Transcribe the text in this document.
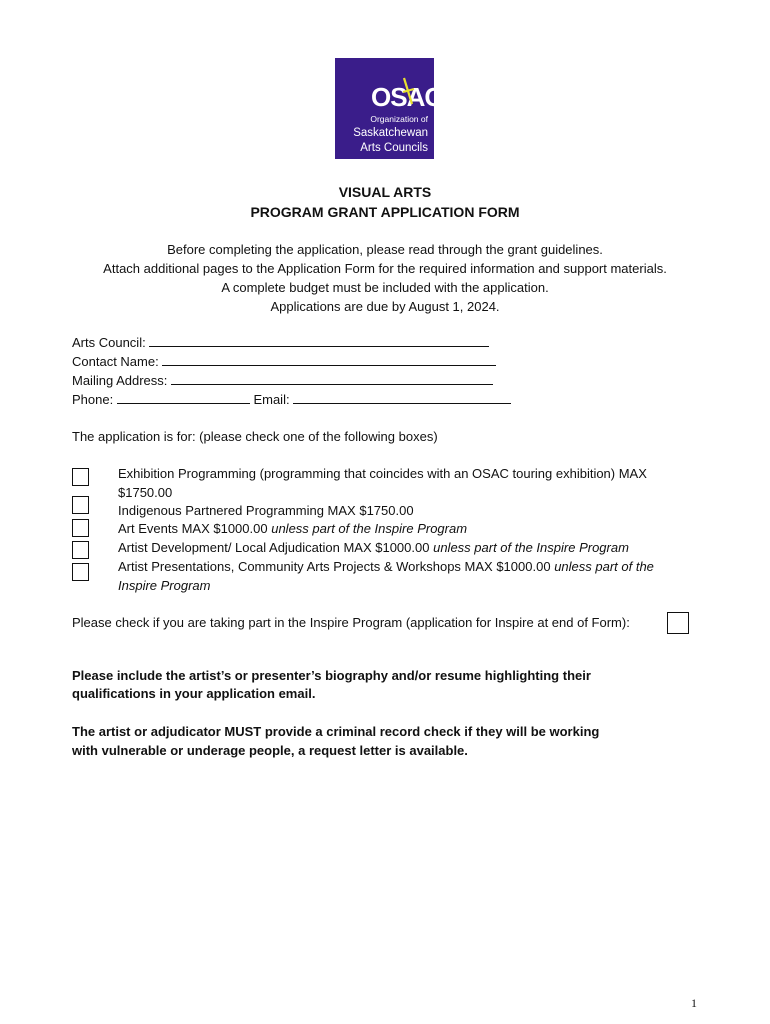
OSAC
Organization of
Saskatchewan
Arts Councils
VISUAL ARTS
PROGRAM GRANT APPLICATION FORM
Before completing the application, please read through the grant guidelines.
Attach additional pages to the Application Form for the required information and support materials.
A complete budget must be included with the application.
Applications are due by August 1, 2024.
Arts Council:
Contact Name:
Mailing Address:
Phone:	Email:
The application is for: (please check one of the following boxes)
Exhibition Programming (programming that coincides with an OSAC touring exhibition) MAX
$1750.00
Indigenous Partnered Programming MAX $1750.00
Art Events MAX $1000.00 unless part of the Inspire Program
Artist Development/ Local Adjudication MAX $1000.00 unless part of the Inspire Program
Artist Presentations, Community Arts Projects & Workshops MAX $1000.00 unless part of the
Inspire Program
Please check if you are taking part in the Inspire Program (application for Inspire at end of Form):
Please include the artist’s or presenter’s biography and/or resume highlighting their
qualifications in your application email.
The artist or adjudicator MUST provide a criminal record check if they will be working
with vulnerable or underage people, a request letter is available.
1
